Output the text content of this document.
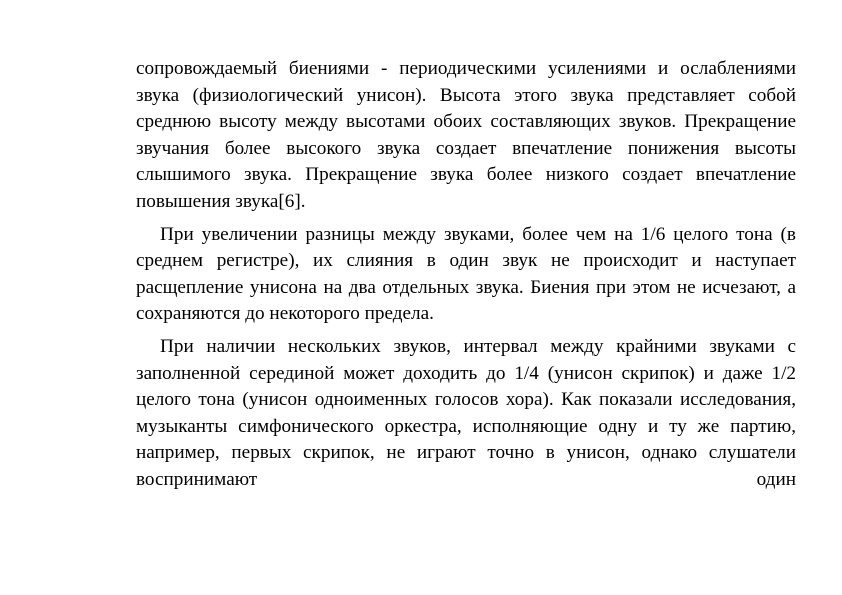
сопровождаемый биениями - периодическими усилениями и ослаблениями звука (физиологический унисон). Высота этого звука представляет собой среднюю высоту между высотами обоих составляющих звуков. Прекращение звучания более высокого звука создает впечатление понижения высоты слышимого звука. Прекращение звука более низкого создает впечатление повышения звука[6].

При увеличении разницы между звуками, более чем на 1/6 целого тона (в среднем регистре), их слияния в один звук не происходит и наступает расщепление унисона на два отдельных звука. Биения при этом не исчезают, а сохраняются до некоторого предела.

При наличии нескольких звуков, интервал между крайними звуками с заполненной серединой может доходить до 1/4 (унисон скрипок) и даже 1/2 целого тона (унисон одноименных голосов хора). Как показали исследования, музыканты симфонического оркестра, исполняющие одну и ту же партию, например, первых скрипок, не играют точно в унисон, однако слушатели воспринимают один
